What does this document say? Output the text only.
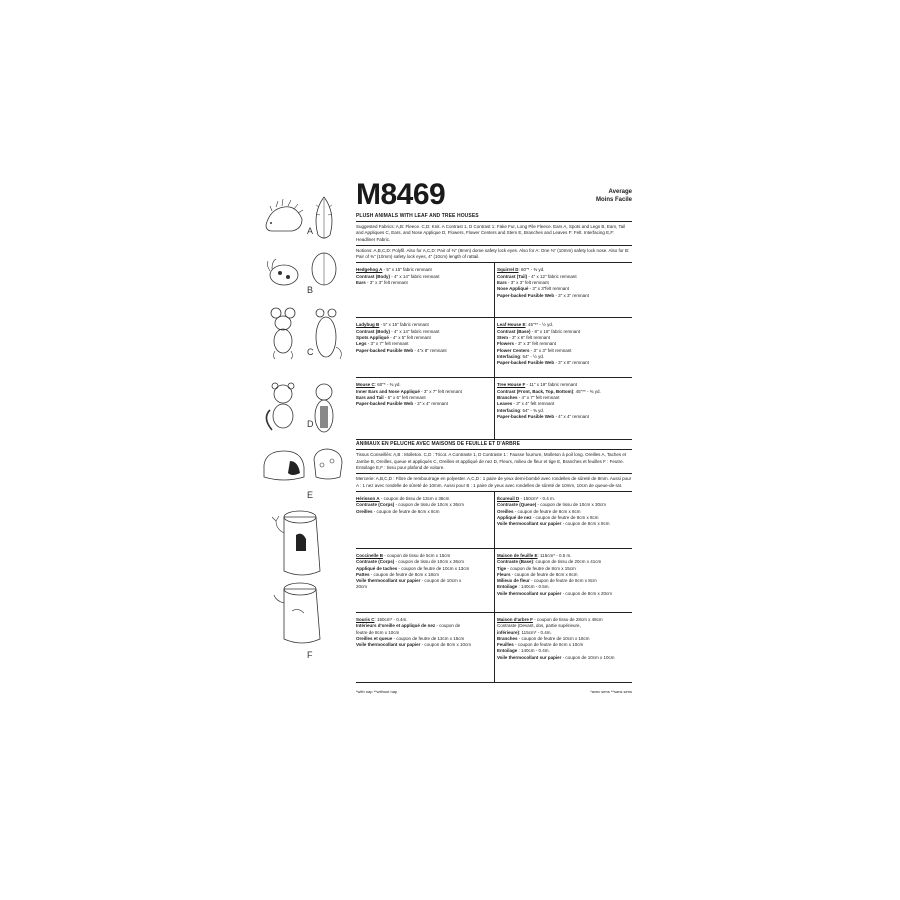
A
B
C
D
E
F
M8469	Average
Moins Facile
PLUSH ANIMALS WITH LEAF AND TREE HOUSES
Suggested Fabrics: A,B: Fleece. C,D: Knit. A Contrast 1, D Contrast 1: Fake Fur, Long Pile Fleece. Ears A, Spots and Legs B, Ears, Tail and Appliques C, Ears, and Nose Applique D, Flowers, Flower Centers and Stem E, Branches and Leaves F: Felt. Interfacing E,F: Headliner Fabric.
Notions: A,B,C,D: Polyfil. Also for A,C,D: Pair of ⅜" (8mm) dome safety lock eyes. Also for A: One ⅜" (10mm) safety lock nose. Also for B: Pair of ⅜" (10mm) safety lock eyes, 4" (10cm) length of rattail.
Hedgehog A - 5" x 15" fabric remnant
Contrast (Body) - 4" x 14" fabric remnant
Ears - 3" x 3" felt remnant
Squirrel D: 60"* - ⅜ yd.
Contrast (Tail) - 4" x 12" fabric remnant
Ears - 3" x 3" felt remnant
Nose Appliqué - 3" x 3"felt remnant
Paper-backed Fusible Web - 3" x 3" remnant
Ladybug B - 5" x 15" fabric remnant
Contrast (Body) - 4" x 14" fabric remnant
Spots Appliqué - 4" x 5" felt remnant
Legs - 3" x 7" felt remnant
Paper-backed Fusible Web - 4"x 8" remnant
Leaf House E: 45"** - ½ yd.
Contrast (Base) - 8" x 16" fabric remnant
Stem - 3" x 6" felt remnant
Flowers - 3" x 3" felt remnant
Flower Centers - 3" x 3" felt remnant
Interfacing: 54" - ½ yd.
Paper-backed Fusible Web - 3" x 8" remnant
Mouse C: 60"* - ⅜ yd.
Inner Ears and Nose Appliqué - 3" x 7" felt remnant
Ears and Tail - 5" x 6" felt remnant
Paper-backed Fusible Web - 3" x 4" remnant
Tree House F - 11" x 19" fabric remnant
Contrast (Front, Back, Top, Bottom): 45"** - ⅜ yd.
Branches - 4" x 7" felt remnant
Leaves - 3" x 4" felt remnant
Interfacing: 54" - ⅜ yd.
Paper-backed Fusible Web - 4" x 4" remnant
ANIMAUX EN PELUCHE AVEC MAISONS DE FEUILLE ET D'ARBRE
Tissus Conseillés: A,B : Molleton. C,D : Tricot. A Contraste 1, D Contraste 1 : Fausse fourrure, Molleton à poil long. Oreilles A, Taches et Jambe B, Oreilles, queue et appliqués C, Oreilles et appliqué de nez D, Fleurs, milieu de fleur et tige E, Branches et feuilles F : Feutre. Entoilage E,F : tissu pour plafond de voiture.
Mercerie: A,B,C,D : Fibre de rembourrage en polyester. A,C,D : 1 paire de yeux demi-bombé avec rondelles de sûreté de 8mm. Aussi pour A : 1 nez avec rondelle de sûreté de 10mm. Aussi pour B : 1 paire de yeux avec rondelles de sûreté de 10mm, 10cm de queue-de-rat.
Hérisson A - coupon de tissu de 13cm x 38cm
Contraste (Corps) - coupon de tissu de 10cm x 36cm
Oreilles - coupon de feutre de 8cm x 8cm
Écureuil D - 150cm* - 0.4 m.
Contraste (Queue) - coupon de tissu de 10cm x 30cm
Oreilles - coupon de feutre de 8cm x 8cm
Appliqué de nez - coupon de feutre de 8cm x 8cm
Voile thermocollant sur papier - coupon de 8cm x 8cm
Coccinelle B - coupon de tissu de 5cm x 15cm
Contraste (Corps) - coupon de tissu de 10cm x 36cm
Appliqué de taches - coupon de feutre de 10cm x 13cm
Pattes - coupon de feutre de 8cm x 18cm
Voile thermocollant sur papier - coupon de 10cm x
20cm
Maison de feuille E: 115cm* - 0.5 m.
Contraste (Base): coupon de tissu de 20cm x 41cm
Tige - coupon de feutre de 8cm x 15cm
Fleurs - coupon de feutre de 8cm x 8cm
Milieux de fleur - coupon de feutre de 8cm x 8cm
Entoilage : 140cm - 0.5m.
Voile thermocollant sur papier - coupon de 8cm x 20cm
Souris C: 150cm* - 0.4m.
Intérieurs d'oreille et appliqué de nez - coupon de
feutre de 8cm x 10cm
Oreilles et queue - coupon de feutre de 13cm x 15cm
Voile thermocollant sur papier - coupon de 8cm x 10cm
Maison d'arbre F - coupon de tissu de 28cm x 48cm
Contraste (Devant, dos, partie supérieure,
inférieure): 115cm* - 0.4m.
Branches - coupon de feutre de 10cm x 18cm
Feuilles - coupon de feutre de 8cm x 10cm
Entoilage : 140cm - 0.4m.
Voile thermocollant sur papier - coupon de 10cm x 10cm
*with nap **without nap	*avec sens **sans sens
